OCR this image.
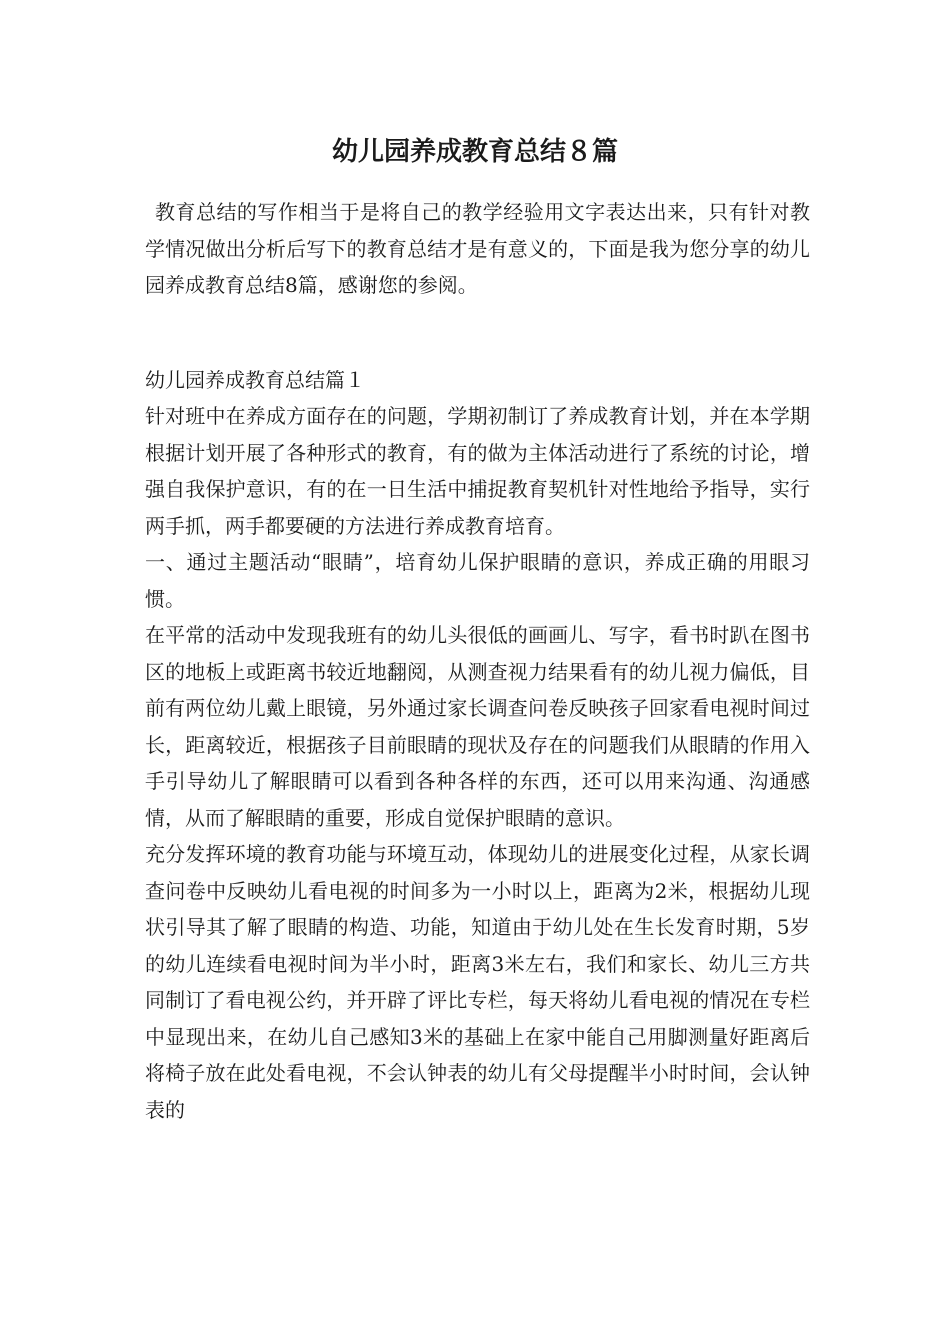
幼儿园养成教育总结８篇

教育总结的写作相当于是将自己的教学经验用文字表达出来，只有针对教学情况做出分析后写下的教育总结才是有意义的，下面是我为您分享的幼儿园养成教育总结8篇，感谢您的参阅。

幼儿园养成教育总结篇１

针对班中在养成方面存在的问题，学期初制订了养成教育计划，并在本学期根据计划开展了各种形式的教育，有的做为主体活动进行了系统的讨论，增强自我保护意识，有的在一日生活中捕捉教育契机针对性地给予指导，实行两手抓，两手都要硬的方法进行养成教育培育。

一、通过主题活动“眼睛”，培育幼儿保护眼睛的意识，养成正确的用眼习惯。

在平常的活动中发现我班有的幼儿头很低的画画儿、写字，看书时趴在图书区的地板上或距离书较近地翻阅，从测查视力结果看有的幼儿视力偏低，目前有两位幼儿戴上眼镜，另外通过家长调查问卷反映孩子回家看电视时间过长，距离较近，根据孩子目前眼睛的现状及存在的问题我们从眼睛的作用入手引导幼儿了解眼睛可以看到各种各样的东西，还可以用来沟通、沟通感情，从而了解眼睛的重要，形成自觉保护眼睛的意识。

充分发挥环境的教育功能与环境互动，体现幼儿的进展变化过程，从家长调查问卷中反映幼儿看电视的时间多为一小时以上，距离为2米，根据幼儿现状引导其了解了眼睛的构造、功能，知道由于幼儿处在生长发育时期，5岁的幼儿连续看电视时间为半小时，距离3米左右，我们和家长、幼儿三方共同制订了看电视公约，并开辟了评比专栏，每天将幼儿看电视的情况在专栏中显现出来，在幼儿自己感知3米的基础上在家中能自己用脚测量好距离后将椅子放在此处看电视，不会认钟表的幼儿有父母提醒半小时时间，会认钟表的
